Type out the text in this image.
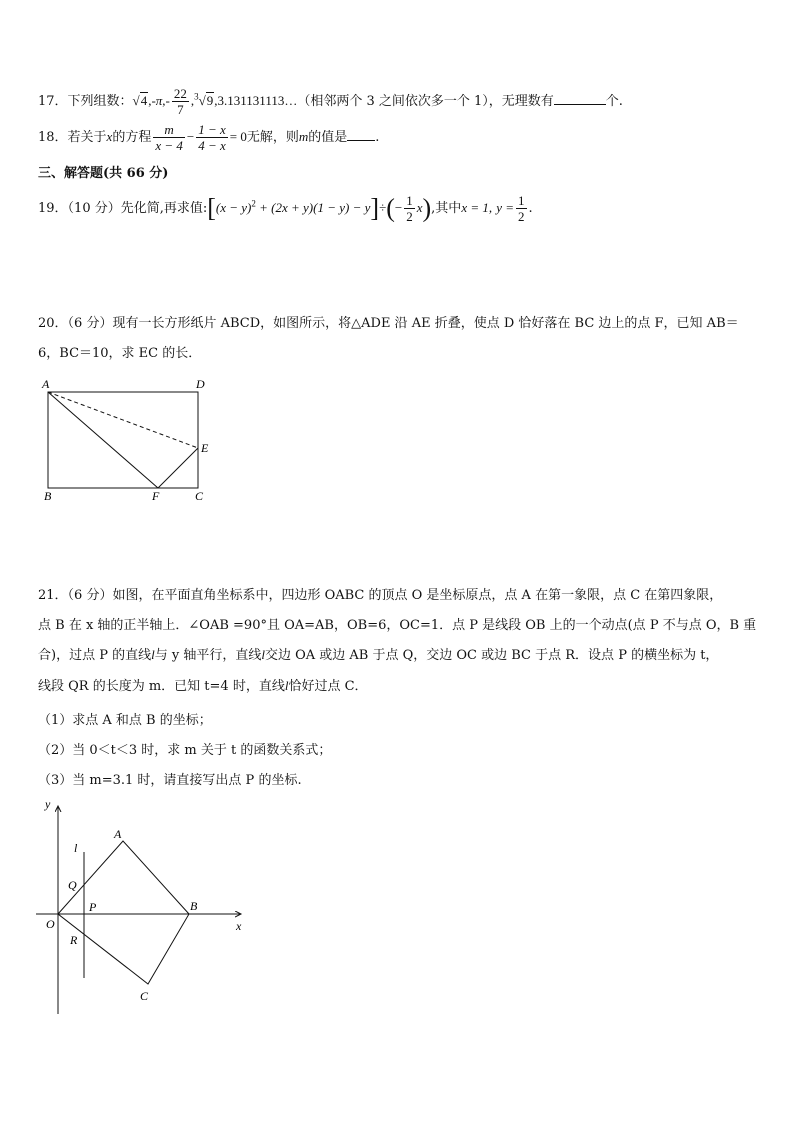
17．下列组数：$√4,-\pi,- \frac{22}{7}$ ,$^3$√9,3.131131113…（相邻两个 3 之间依次多一个 1），无理数有	个.
18．若关于x的方程 $\frac{m}{x - 4} - \frac{1 - x}{4 - x} = 0$无解，则m的值是 .
三、解答题(共 66 分)
19．（10 分）先化简,再求值:[(x − $y)^2 + (2x + y)(1 - y) - y]\div(- \frac{1}{2} x)$,其中x = 1, $y = \frac{1}{2}$ .
20．（6 分）现有一长方形纸片 ABCD，如图所示，将△ADE 沿 AE 折叠，使点 D 恰好落在 BC 边上的点 F，已知 AB＝
6，BC＝10，求 EC 的长．
A	D
E
B	F	C
21．（6 分）如图，在平面直角坐标系中，四边形 OABC 的顶点 O 是坐标原点，点 A 在第一象限，点 C 在第四象限，
点 B 在 x 轴的正半轴上．∠OAB =90°且 OA=AB，OB=6，OC=1．点 P 是线段 OB 上的一个动点(点 P 不与点 O，B 重
合)，过点 P 的直线l与 y 轴平行，直线l交边 OA 或边 AB 于点 Q，交边 OC 或边 BC 于点 R．设点 P 的横坐标为 t，
线段 QR 的长度为 m．已知 t=4 时，直线l恰好过点 C．
（1）求点 A 和点 B 的坐标；
（2）当 0＜t＜3 时，求 m 关于 t 的函数关系式；
（3）当 m=3.1 时，请直接写出点 P 的坐标.
y
x
l
A
Q
P	B
O
R
C
